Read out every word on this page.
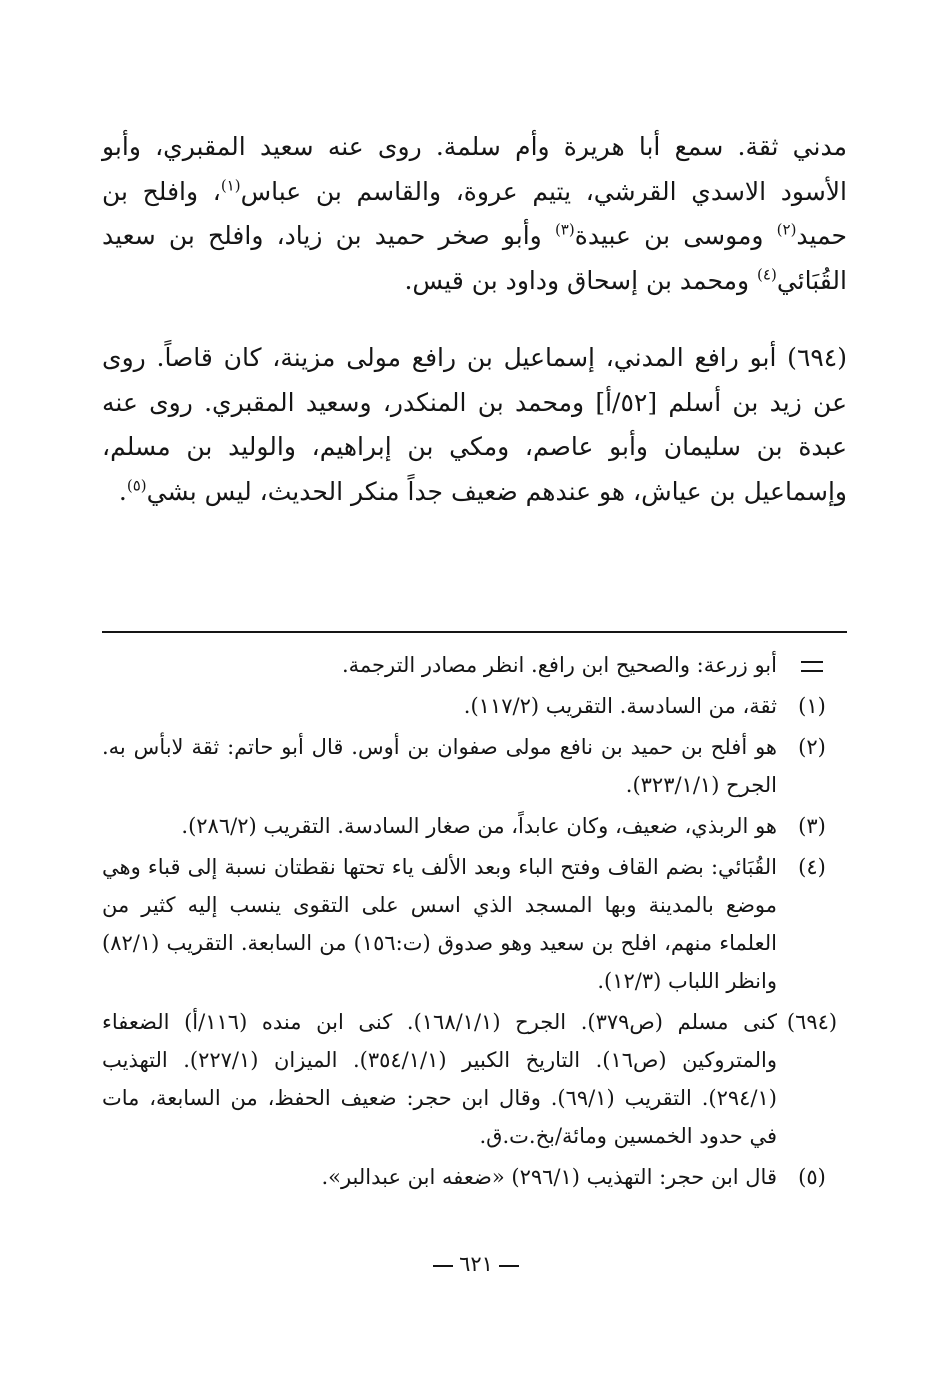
مدني ثقة. سمع أبا هريرة وأم سلمة. روى عنه سعيد المقبري، وأبو الأسود الاسدي القرشي، يتيم عروة، والقاسم بن عباس$^{(١)}$، وافلح بن حميد$^{(٢)}$ وموسى بن عبيدة$^{(٣)}$ وأبو صخر حميد بن زياد، وافلح بن سعيد القُبَائي$^{(٤)}$ ومحمد بن إسحاق وداود بن قيس.

(٦٩٤) أبو رافع المدني، إسماعيل بن رافع مولى مزينة، كان قاصاً. روى عن زيد بن أسلم [٥٢/أ] ومحمد بن المنكدر، وسعيد المقبري. روى عنه عبدة بن سليمان وأبو عاصم، ومكي بن إبراهيم، والوليد بن مسلم، وإسماعيل بن عياش، هو عندهم ضعيف جداً منكر الحديث، ليس بشي$^{(٥)}$.

أبو زرعة: والصحيح ابن رافع. انظر مصادر الترجمة.
(١)
ثقة، من السادسة. التقريب (١١٧/٢).
(٢)
هو أفلح بن حميد بن نافع مولى صفوان بن أوس. قال أبو حاتم: ثقة لابأس به. الجرح (٣٢٣/١/١).
(٣)
هو الربذي، ضعيف، وكان عابداً، من صغار السادسة. التقريب (٢٨٦/٢).
(٤)
القُبَائي: بضم القاف وفتح الباء وبعد الألف ياء تحتها نقطتان نسبة إلى قباء وهي موضع بالمدينة وبها المسجد الذي اسس على التقوى ينسب إليه كثير من العلماء منهم، افلح بن سعيد وهو صدوق (ت:١٥٦) من السابعة. التقريب (٨٢/١) وانظر اللباب (١٢/٣).
(٦٩٤)
كنى مسلم (ص٣٧٩). الجرح (١٦٨/١/١). كنى ابن منده (١١٦/أ) الضعفاء والمتروكين (ص١٦). التاريخ الكبير (٣٥٤/١/١). الميزان (٢٢٧/١). التهذيب (٢٩٤/١). التقريب (٦٩/١). وقال ابن حجر: ضعيف الحفظ، من السابعة، مات في حدود الخمسين ومائة/بخ.ت.ق.
(٥)
قال ابن حجر: التهذيب (٢٩٦/١) «ضعفه ابن عبدالبر».
٦٢١
